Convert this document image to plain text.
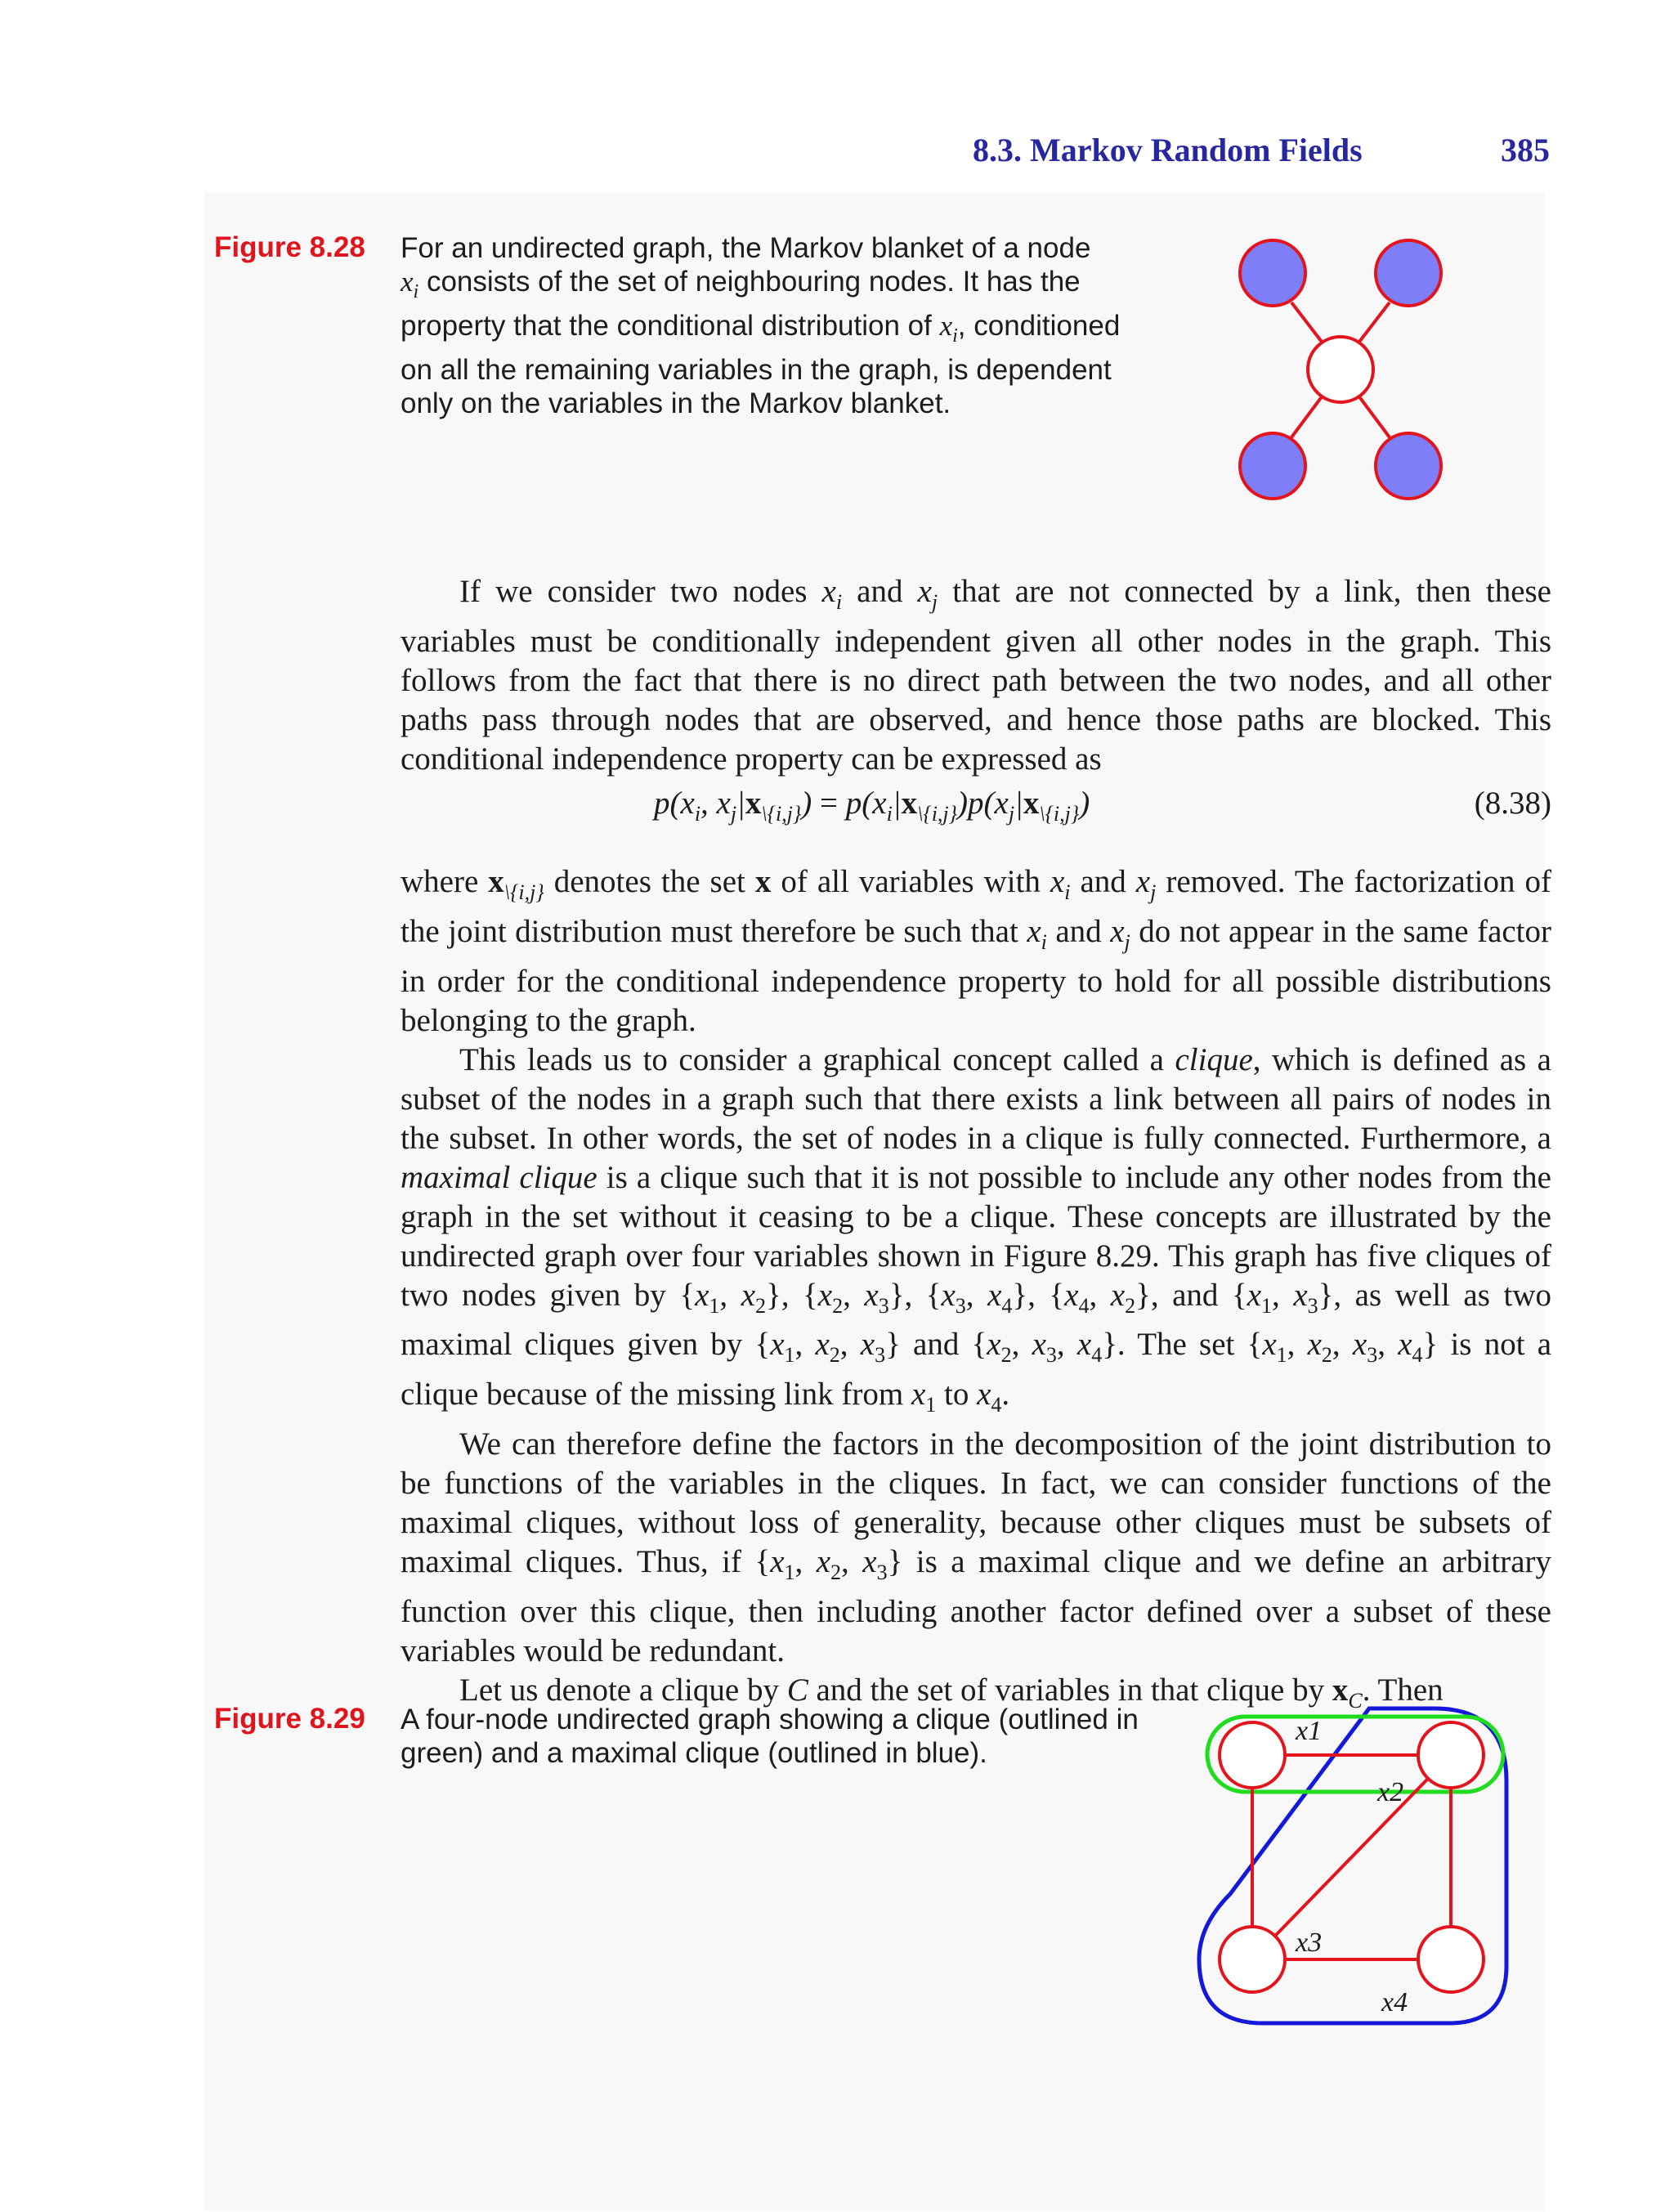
8.3. Markov Random Fields	385
Figure 8.28 For an undirected graph, the Markov blanket of a node
$x_i$ consists of the set of neighbouring nodes. It has the
property that the conditional distribution of $x_i$, conditioned
on all the remaining variables in the graph, is dependent
only on the variables in the Markov blanket.

If we consider two nodes $x_i$ and $x_j$ that are not connected by a link, then these variables must be conditionally independent given all other nodes in the graph. This follows from the fact that there is no direct path between the two nodes, and all other paths pass through nodes that are observed, and hence those paths are blocked. This conditional independence property can be expressed as

$p(x_i$, $x_j|x_{\backslash\{i,j\}}) = p(x_i|x_{\backslash\{i,j\}})p(x_j|x_{\backslash\{i,j\}})$	(8.38)

where $x_{\backslash\{i,j\}}$ denotes the set x of all variables with $x_i$ and $x_j$ removed. The factorization of the joint distribution must therefore be such that $x_i$ and $x_j$ do not appear in the same factor in order for the conditional independence property to hold for all possible distributions belonging to the graph.

This leads us to consider a graphical concept called a clique, which is defined as a subset of the nodes in a graph such that there exists a link between all pairs of nodes in the subset. In other words, the set of nodes in a clique is fully connected. Furthermore, a maximal clique is a clique such that it is not possible to include any other nodes from the graph in the set without it ceasing to be a clique. These concepts are illustrated by the undirected graph over four variables shown in Figure 8.29. This graph has five cliques of two nodes given by {$x_1$, $x_2$}, {$x_2$, $x_3$}, {$x_3$, $x_4$}, {$x_4$, $x_2$}, and {$x_1$, $x_3$}, as well as two maximal cliques given by {$x_1$, $x_2$, $x_3$} and {$x_2$, $x_3$, $x_4$}. The set {$x_1$, $x_2$, $x_3$, $x_4$} is not a clique because of the missing link from $x_1$ to $x_4$.

We can therefore define the factors in the decomposition of the joint distribution to be functions of the variables in the cliques. In fact, we can consider functions of the maximal cliques, without loss of generality, because other cliques must be subsets of maximal cliques. Thus, if {$x_1$, $x_2$, $x_3$} is a maximal clique and we define an arbitrary function over this clique, then including another factor defined over a subset of these variables would be redundant.

Let us denote a clique by C and the set of variables in that clique by $x_C$. Then

Figure 8.29 A four-node undirected graph showing a clique (outlined in
green) and a maximal clique (outlined in blue).
x1
x2
x3
x4
